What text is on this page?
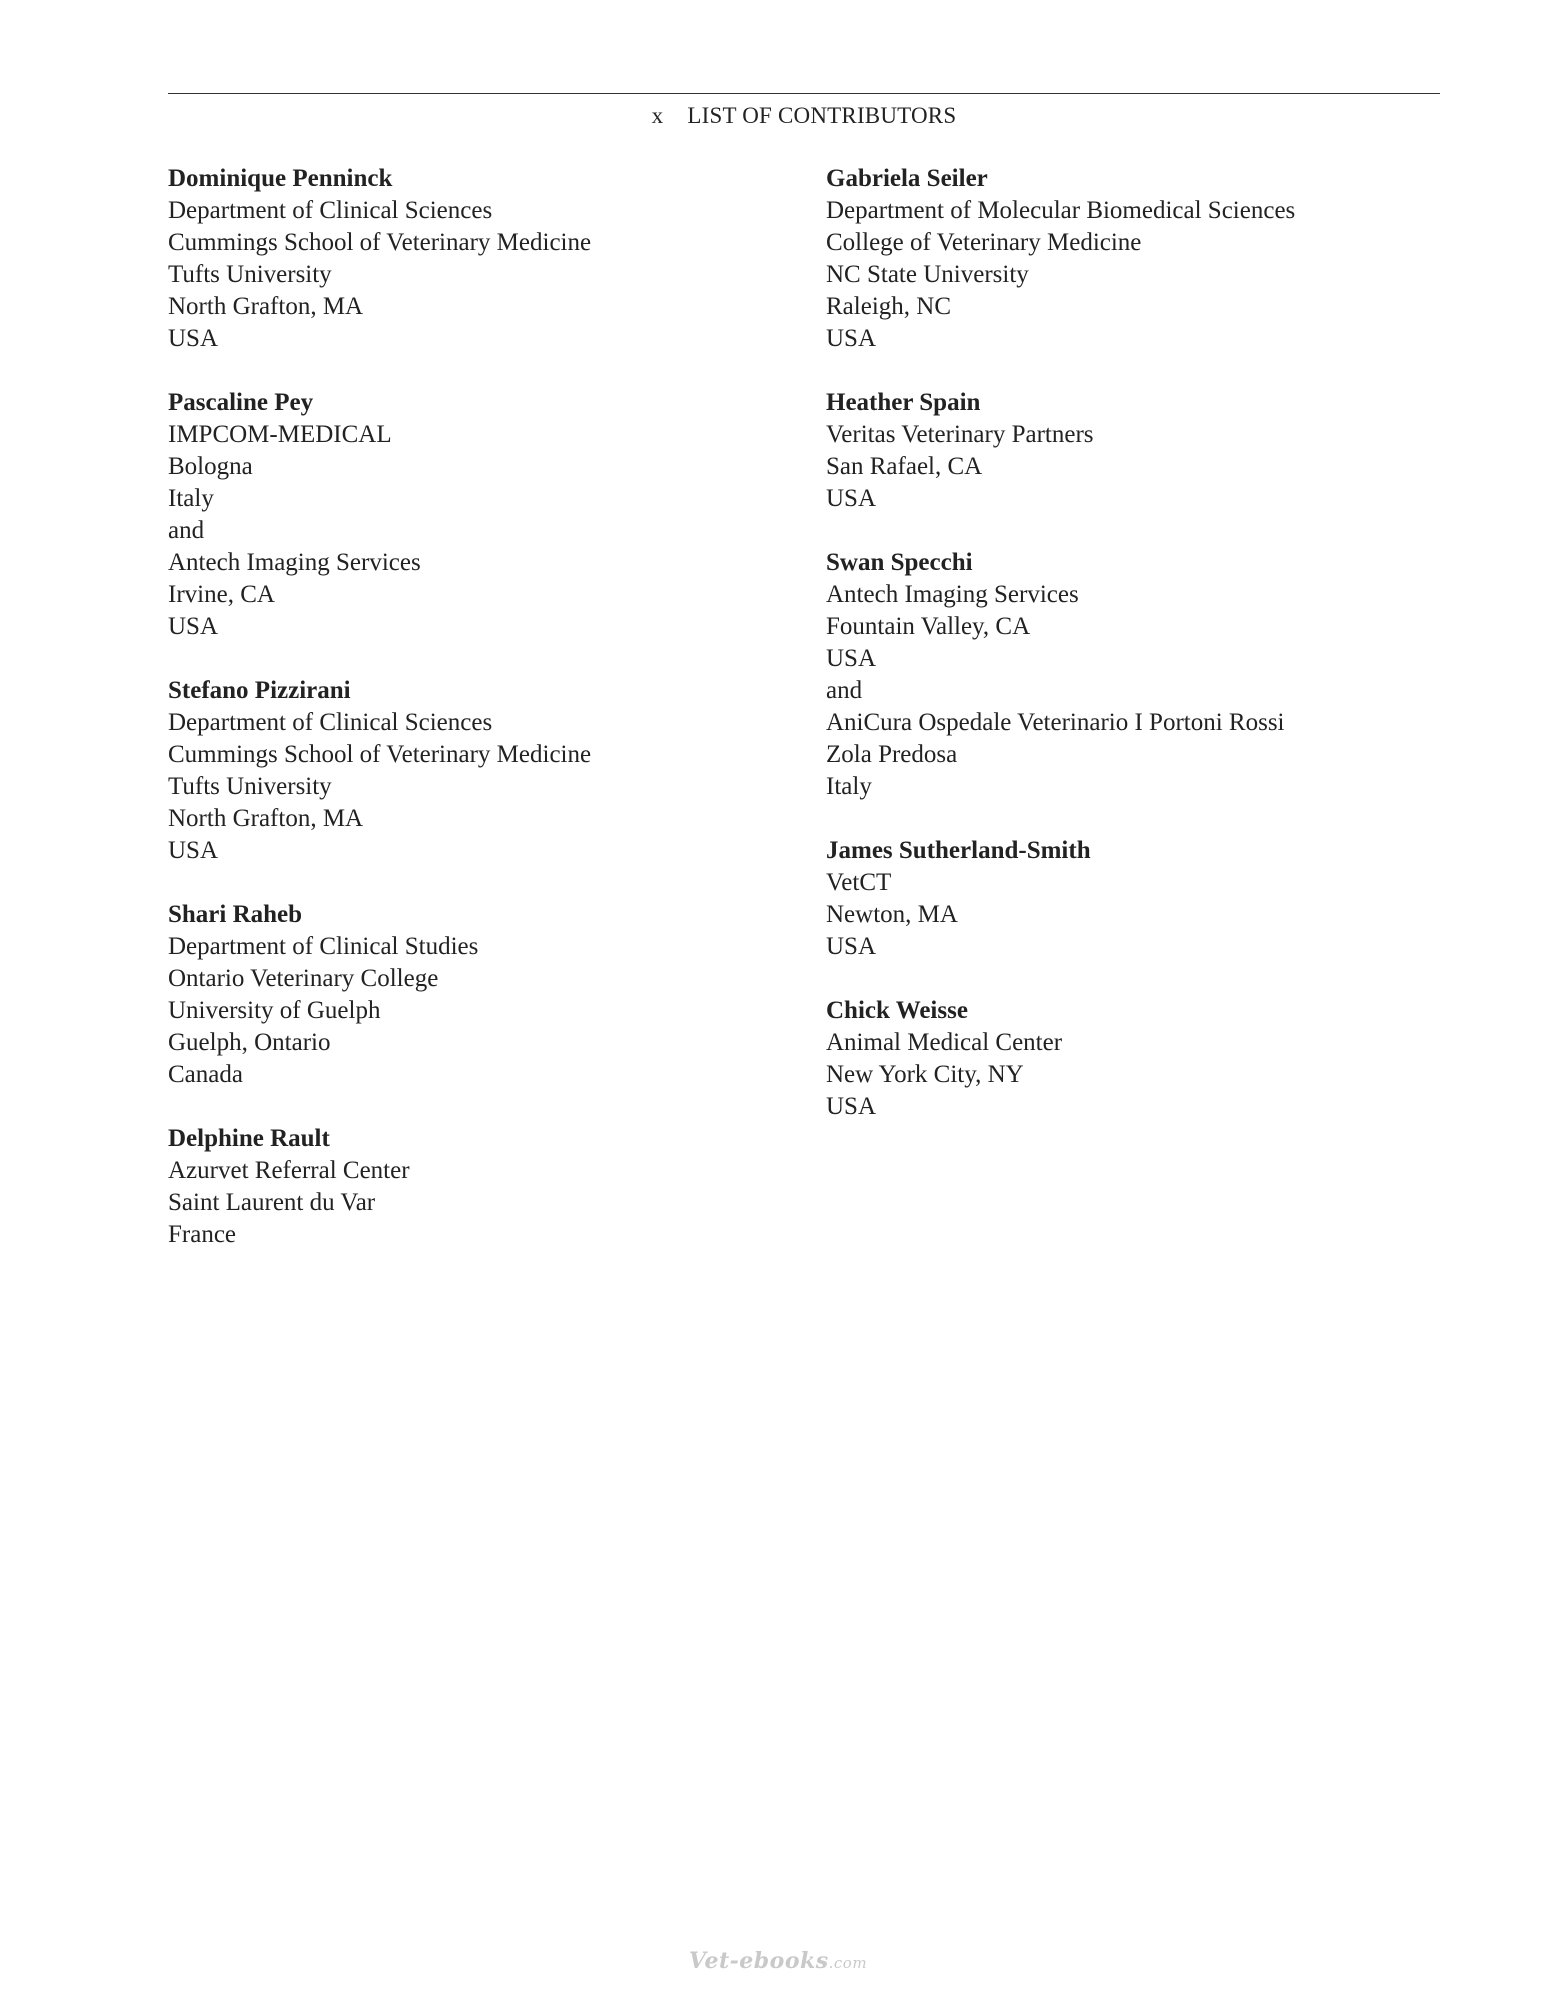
x LIST OF CONTRIBUTORS
Dominique Penninck
Department of Clinical Sciences
Cummings School of Veterinary Medicine
Tufts University
North Grafton, MA
USA
Pascaline Pey
IMPCOM-MEDICAL
Bologna
Italy
and
Antech Imaging Services
Irvine, CA
USA
Stefano Pizzirani
Department of Clinical Sciences
Cummings School of Veterinary Medicine
Tufts University
North Grafton, MA
USA
Shari Raheb
Department of Clinical Studies
Ontario Veterinary College
University of Guelph
Guelph, Ontario
Canada
Delphine Rault
Azurvet Referral Center
Saint Laurent du Var
France
Gabriela Seiler
Department of Molecular Biomedical Sciences
College of Veterinary Medicine
NC State University
Raleigh, NC
USA
Heather Spain
Veritas Veterinary Partners
San Rafael, CA
USA
Swan Specchi
Antech Imaging Services
Fountain Valley, CA
USA
and
AniCura Ospedale Veterinario I Portoni Rossi
Zola Predosa
Italy
James Sutherland-Smith
VetCT
Newton, MA
USA
Chick Weisse
Animal Medical Center
New York City, NY
USA
Vet-ebooks.com
